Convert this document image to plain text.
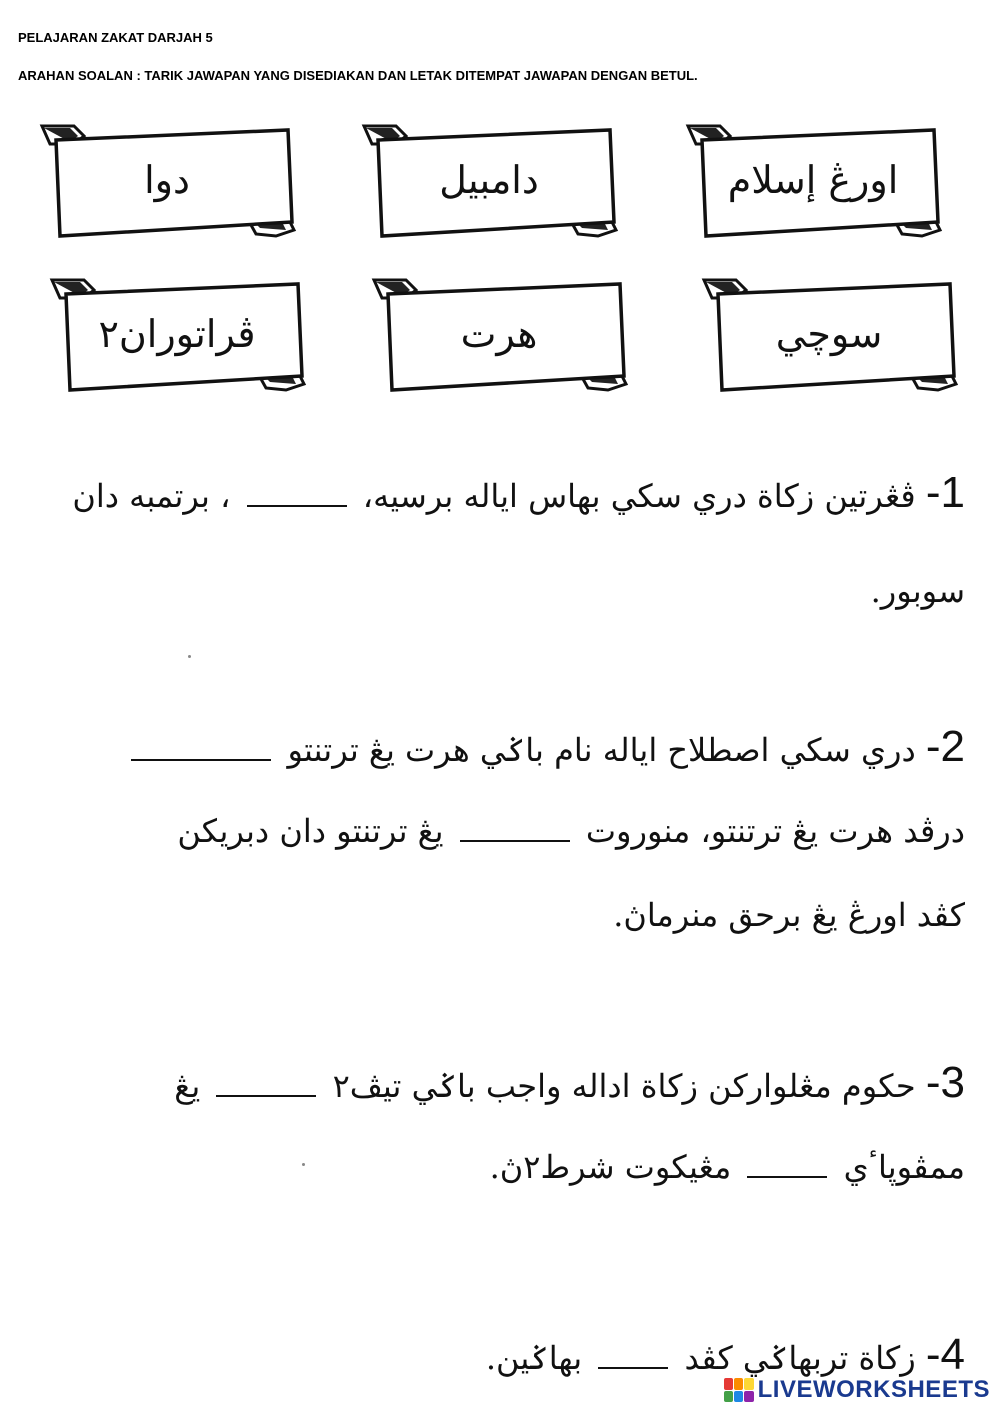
PELAJARAN ZAKAT DARJAH 5
ARAHAN SOALAN : TARIK JAWAPAN YANG DISEDIAKAN DAN LETAK DITEMPAT JAWAPAN DENGAN BETUL.
دوا	دامبيل	اورڠ إسلام
ڤراتوران٢	هرت	سوچي
1- ڤڠرتين زكاة دري سکي بهاس اياله برسيه،  ، برتمبه دان
سوبور.
2- دري سکي اصطلاح اياله نام باݢي هرت يڠ ترتنتو
درڤد هرت يڠ ترتنتو، منوروت  يڠ ترتنتو دان دبريکن
کڤد اورڠ يڠ برحق منرماڽ.
3- حکوم مڠلوارکن زكاة اداله واجب باݢي تيڤ٢  يڠ
ممڤوڽاٴي  مڠيکوت شرط٢ڽ.
4- زكاة تربهاݢي کڤد  بهاݢين.
LIVEWORKSHEETS
